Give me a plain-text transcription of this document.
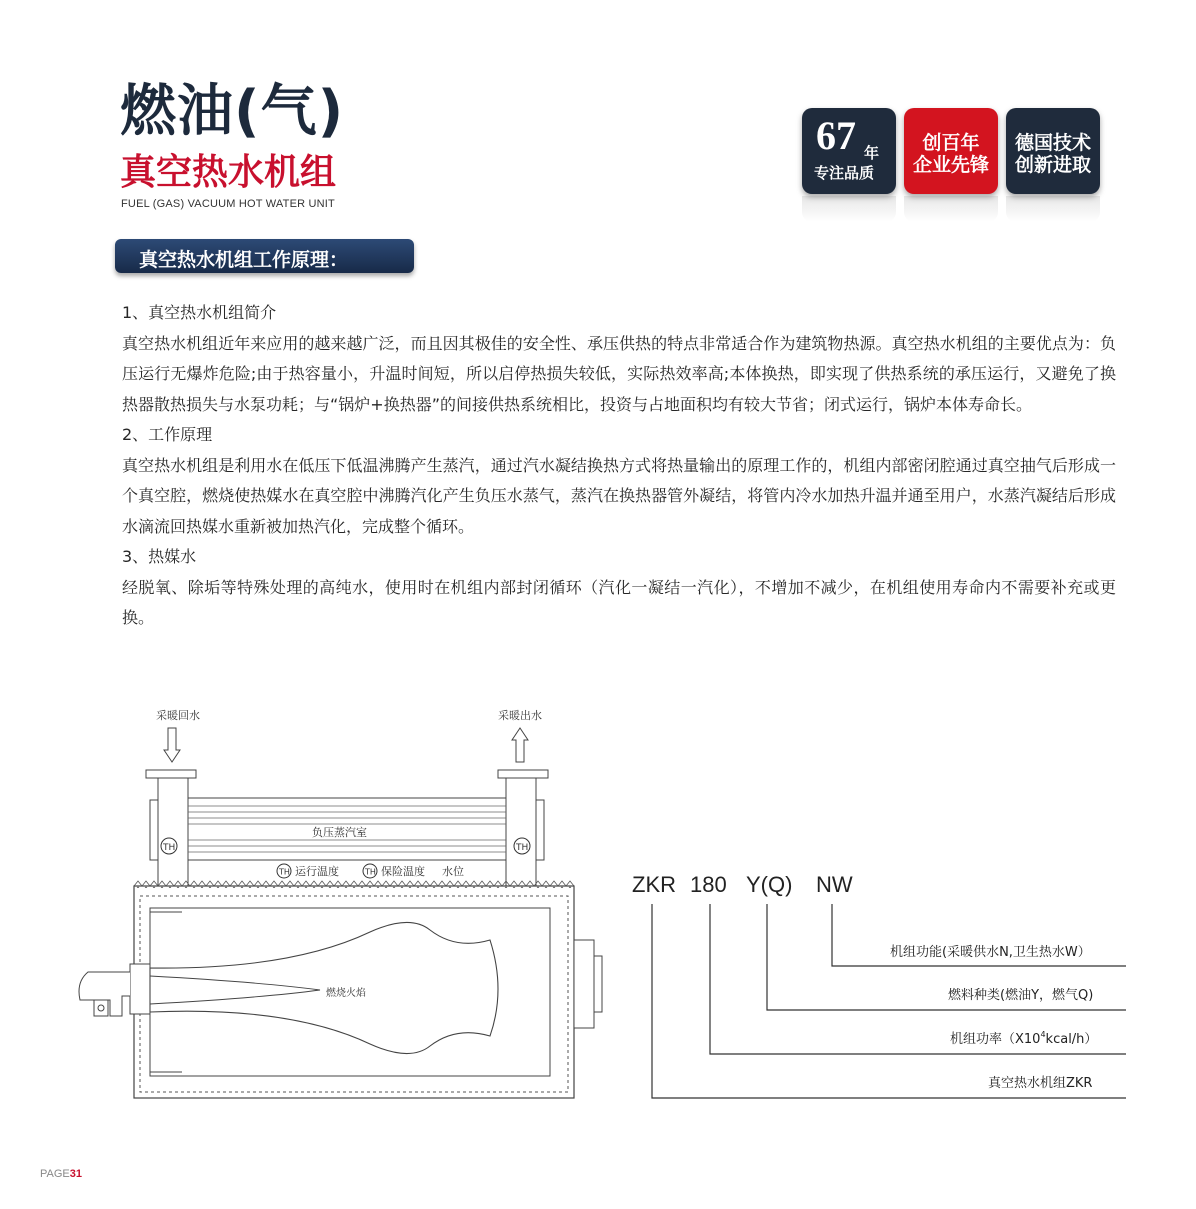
燃油(气)
真空热水机组
FUEL (GAS) VACUUM HOT WATER UNIT
67 年
专注品质
创百年
企业先锋
德国技术
创新进取
真空热水机组工作原理：

1、真空热水机组简介

真空热水机组近年来应用的越来越广泛，而且因其极佳的安全性、承压供热的特点非常适合作为建筑物热源。真空热水机组的主要优点为：负压运行无爆炸危险;由于热容量小，升温时间短，所以启停热损失较低，实际热效率高;本体换热，即实现了供热系统的承压运行，又避免了换热器散热损失与水泵功耗；与“锅炉+换热器”的间接供热系统相比，投资与占地面积均有较大节省；闭式运行，锅炉本体寿命长。

2、工作原理

真空热水机组是利用水在低压下低温沸腾产生蒸汽，通过汽水凝结换热方式将热量输出的原理工作的，机组内部密闭腔通过真空抽气后形成一个真空腔，燃烧使热媒水在真空腔中沸腾汽化产生负压水蒸气，蒸汽在换热器管外凝结，将管内冷水加热升温并通至用户，水蒸汽凝结后形成水滴流回热媒水重新被加热汽化，完成整个循环。

3、热媒水

经脱氧、除垢等特殊处理的高纯水，使用时在机组内部封闭循环（汽化一凝结一汽化），不增加不减少，在机组使用寿命内不需要补充或更换。

采暖回水	采暖出水
负压蒸汽室
TH	TH
TH 运行温度	TH 保险温度 水位
燃烧火焰
ZKR 180 Y(Q) NW
机组功能(采暖供水N,卫生热水W）
燃料种类(燃油Y，燃气Q)
机组功率$(X10^4kcal/h)$
真空热水机组ZKR
PAGE31
